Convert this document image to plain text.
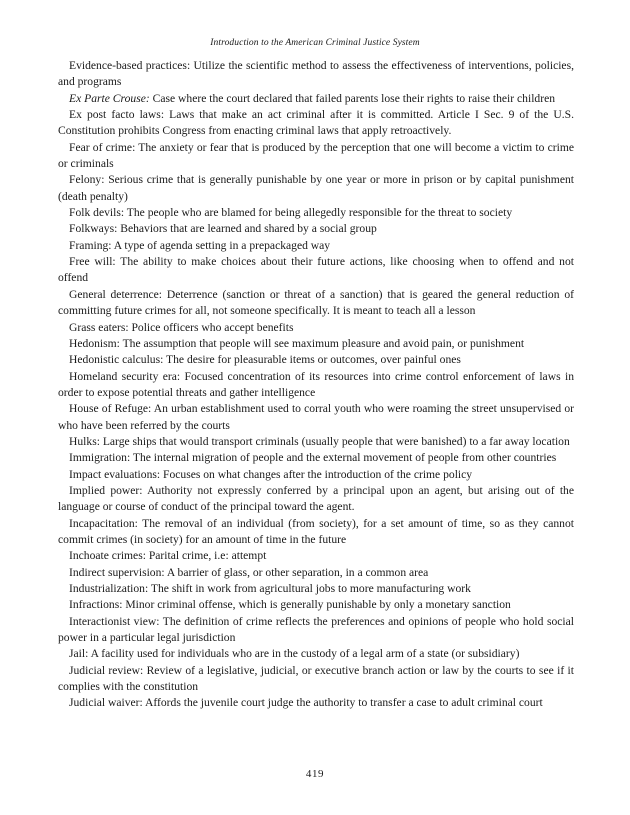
Introduction to the American Criminal Justice System

Evidence-based practices: Utilize the scientific method to assess the effectiveness of interventions, policies, and programs

Ex Parte Crouse: Case where the court declared that failed parents lose their rights to raise their children

Ex post facto laws: Laws that make an act criminal after it is committed. Article I Sec. 9 of the U.S. Constitution prohibits Congress from enacting criminal laws that apply retroactively.

Fear of crime: The anxiety or fear that is produced by the perception that one will become a victim to crime or criminals

Felony: Serious crime that is generally punishable by one year or more in prison or by capital punishment (death penalty)

Folk devils: The people who are blamed for being allegedly responsible for the threat to society

Folkways: Behaviors that are learned and shared by a social group

Framing: A type of agenda setting in a prepackaged way

Free will: The ability to make choices about their future actions, like choosing when to offend and not offend

General deterrence: Deterrence (sanction or threat of a sanction) that is geared the general reduction of committing future crimes for all, not someone specifically. It is meant to teach all a lesson

Grass eaters: Police officers who accept benefits

Hedonism: The assumption that people will see maximum pleasure and avoid pain, or punishment

Hedonistic calculus: The desire for pleasurable items or outcomes, over painful ones

Homeland security era: Focused concentration of its resources into crime control enforcement of laws in order to expose potential threats and gather intelligence

House of Refuge: An urban establishment used to corral youth who were roaming the street unsupervised or who have been referred by the courts

Hulks: Large ships that would transport criminals (usually people that were banished) to a far away location

Immigration: The internal migration of people and the external movement of people from other countries

Impact evaluations: Focuses on what changes after the introduction of the crime policy

Implied power: Authority not expressly conferred by a principal upon an agent, but arising out of the language or course of conduct of the principal toward the agent.

Incapacitation: The removal of an individual (from society), for a set amount of time, so as they cannot commit crimes (in society) for an amount of time in the future

Inchoate crimes: Parital crime, i.e: attempt

Indirect supervision: A barrier of glass, or other separation, in a common area

Industrialization: The shift in work from agricultural jobs to more manufacturing work

Infractions: Minor criminal offense, which is generally punishable by only a monetary sanction

Interactionist view: The definition of crime reflects the preferences and opinions of people who hold social power in a particular legal jurisdiction

Jail: A facility used for individuals who are in the custody of a legal arm of a state (or subsidiary)

Judicial review: Review of a legislative, judicial, or executive branch action or law by the courts to see if it complies with the constitution

Judicial waiver: Affords the juvenile court judge the authority to transfer a case to adult criminal court

419
